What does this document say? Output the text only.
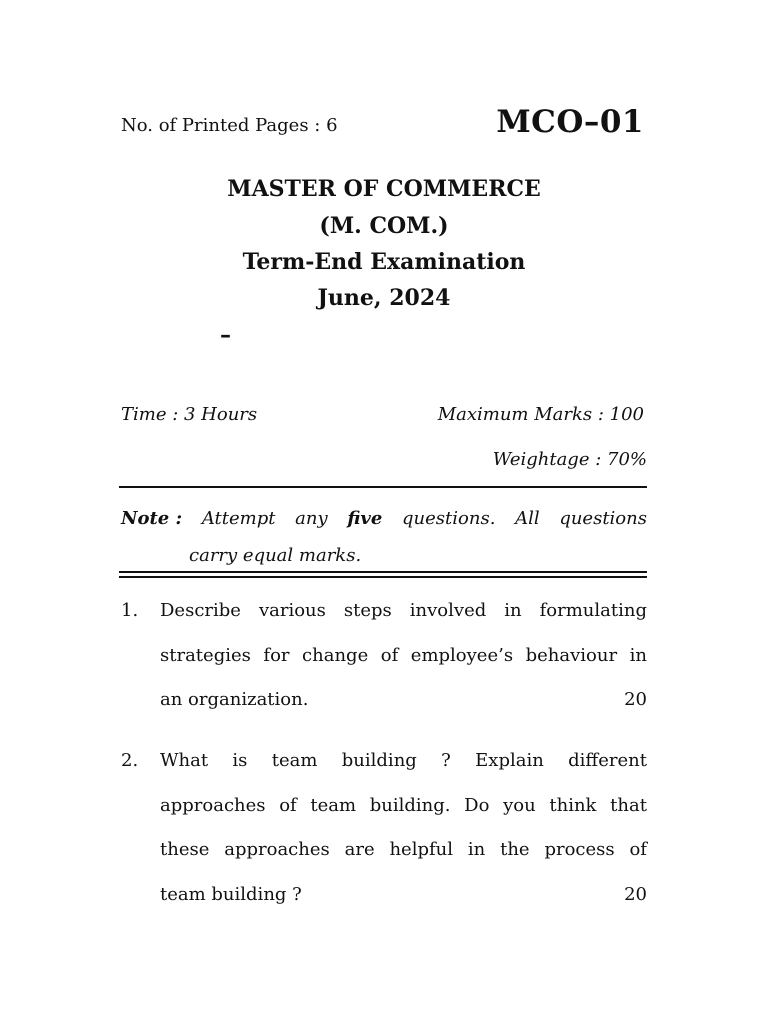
No. of Printed Pages : 6	MCO–01
MASTER OF COMMERCE
(M. COM.)
Term-End Examination
June, 2024
–
Time : 3 Hours	Maximum Marks : 100
Weightage : 70%
Note : Attempt any five questions. All questions
carry equal marks.
1. Describe various steps involved in formulating
strategies for change of employee’s behaviour in
an organization.	20
2. What is team building ? Explain different
approaches of team building. Do you think that
these approaches are helpful in the process of
team building ?	20
